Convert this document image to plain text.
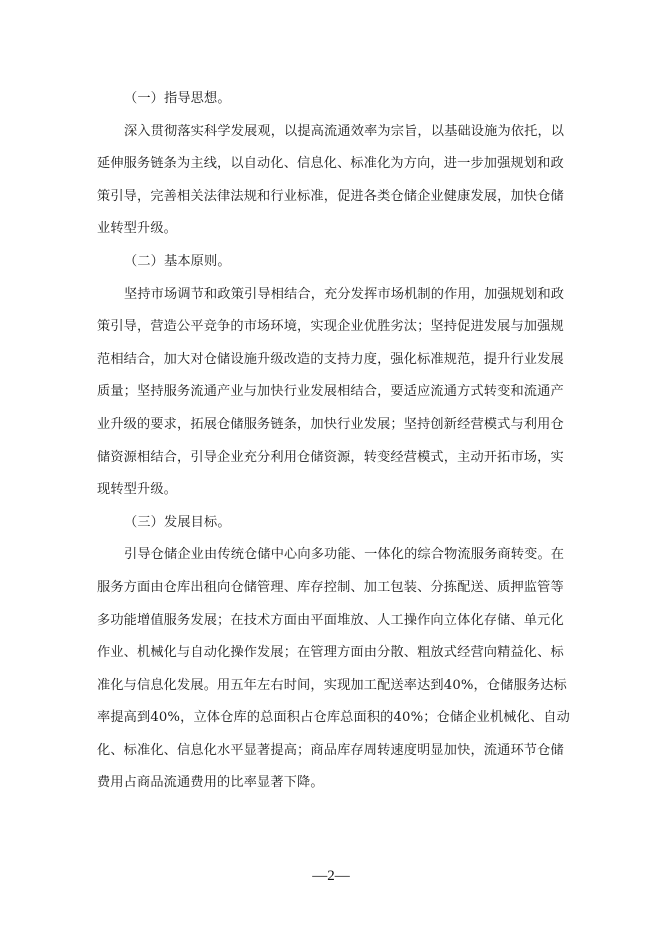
（一）指导思想。
深入贯彻落实科学发展观，以提高流通效率为宗旨，以基础设施为依托，以
延伸服务链条为主线，以自动化、信息化、标准化为方向，进一步加强规划和政
策引导，完善相关法律法规和行业标准，促进各类仓储企业健康发展，加快仓储
业转型升级。
（二）基本原则。
坚持市场调节和政策引导相结合，充分发挥市场机制的作用，加强规划和政
策引导，营造公平竞争的市场环境，实现企业优胜劣汰；坚持促进发展与加强规
范相结合，加大对仓储设施升级改造的支持力度，强化标准规范，提升行业发展
质量；坚持服务流通产业与加快行业发展相结合，要适应流通方式转变和流通产
业升级的要求，拓展仓储服务链条，加快行业发展；坚持创新经营模式与利用仓
储资源相结合，引导企业充分利用仓储资源，转变经营模式，主动开拓市场，实
现转型升级。
（三）发展目标。
引导仓储企业由传统仓储中心向多功能、一体化的综合物流服务商转变。在
服务方面由仓库出租向仓储管理、库存控制、加工包装、分拣配送、质押监管等
多功能增值服务发展；在技术方面由平面堆放、人工操作向立体化存储、单元化
作业、机械化与自动化操作发展；在管理方面由分散、粗放式经营向精益化、标
准化与信息化发展。用五年左右时间，实现加工配送率达到40%，仓储服务达标
率提高到40%，立体仓库的总面积占仓库总面积的40%；仓储企业机械化、自动
化、标准化、信息化水平显著提高；商品库存周转速度明显加快，流通环节仓储
费用占商品流通费用的比率显著下降。
—2—
